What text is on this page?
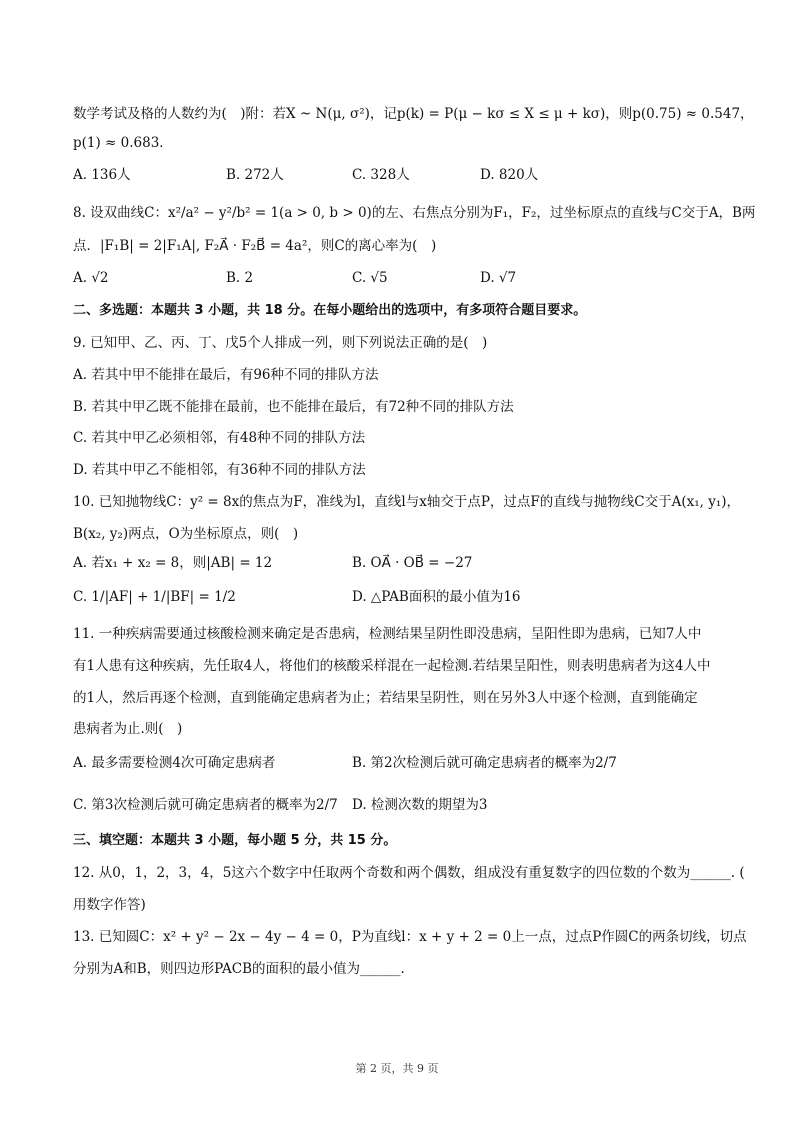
数学考试及格的人数约为(　)附：若X ~ N(μ, σ²)，记p(k) = P(μ − kσ ≤ X ≤ μ + kσ)，则p(0.75) ≈ 0.547，
p(1) ≈ 0.683．
A. 136人	B. 272人	C. 328人	D. 820人
8. 设双曲线C：x²/a² − y²/b² = 1(a > 0, b > 0)的左、右焦点分别为F₁，F₂，过坐标原点的直线与C交于A，B两
点．|F₁B| = 2|F₁A|, F₂A⃗ · F₂B⃗ = 4a²，则C的离心率为(　)
A. √2	B. 2	C. √5	D. √7
二、多选题：本题共 3 小题，共 18 分。在每小题给出的选项中，有多项符合题目要求。
9. 已知甲、乙、丙、丁、戊5个人排成一列，则下列说法正确的是(　)
A. 若其中甲不能排在最后，有96种不同的排队方法
B. 若其中甲乙既不能排在最前，也不能排在最后，有72种不同的排队方法
C. 若其中甲乙必须相邻，有48种不同的排队方法
D. 若其中甲乙不能相邻，有36种不同的排队方法
10. 已知抛物线C：y² = 8x的焦点为F，准线为l，直线l与x轴交于点P，过点F的直线与抛物线C交于A(x₁, y₁)，
B(x₂, y₂)两点，O为坐标原点，则(　)
A. 若x₁ + x₂ = 8，则|AB| = 12	B. OA⃗ · OB⃗ = −27
C. 1/|AF| + 1/|BF| = 1/2	D. △PAB面积的最小值为16
11. 一种疾病需要通过核酸检测来确定是否患病，检测结果呈阴性即没患病，呈阳性即为患病，已知7人中
有1人患有这种疾病，先任取4人，将他们的核酸采样混在一起检测.若结果呈阳性，则表明患病者为这4人中
的1人，然后再逐个检测，直到能确定患病者为止；若结果呈阴性，则在另外3人中逐个检测，直到能确定
患病者为止.则(　)
A. 最多需要检测4次可确定患病者	B. 第2次检测后就可确定患病者的概率为2/7
C. 第3次检测后就可确定患病者的概率为2/7 D. 检测次数的期望为3
三、填空题：本题共 3 小题，每小题 5 分，共 15 分。
12. 从0，1，2，3，4，5这六个数字中任取两个奇数和两个偶数，组成没有重复数字的四位数的个数为______. (
用数字作答)
13. 已知圆C：x² + y² − 2x − 4y − 4 = 0，P为直线l：x + y + 2 = 0上一点，过点P作圆C的两条切线，切点
分别为A和B，则四边形PACB的面积的最小值为______.
第 2 页，共 9 页
